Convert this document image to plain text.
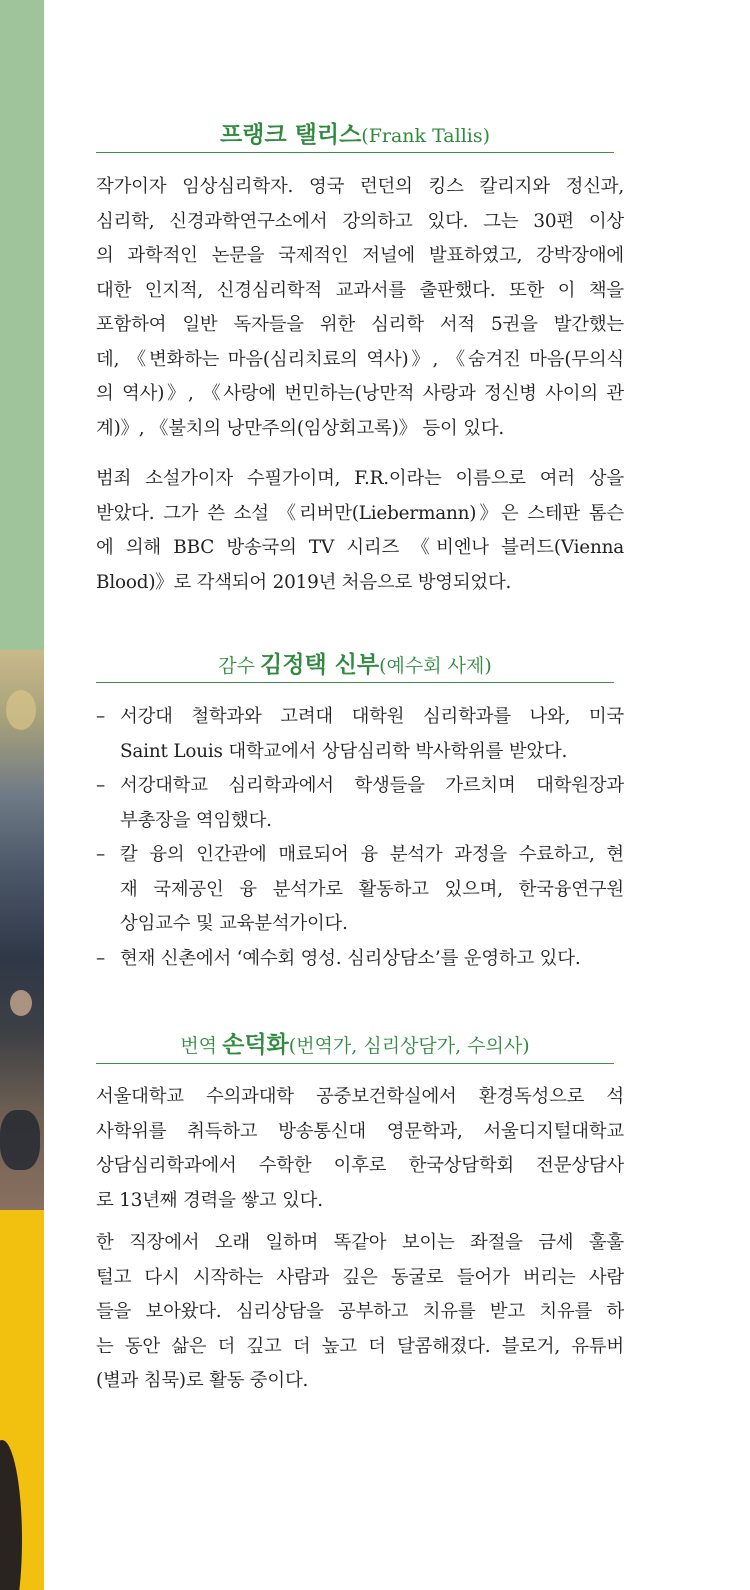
프랭크 탤리스(Frank Tallis)
작가이자 임상심리학자. 영국 런던의 킹스 칼리지와 정신과,
심리학, 신경과학연구소에서 강의하고 있다. 그는 30편 이상
의 과학적인 논문을 국제적인 저널에 발표하였고, 강박장애에
대한 인지적, 신경심리학적 교과서를 출판했다. 또한 이 책을
포함하여 일반 독자들을 위한 심리학 서적 5권을 발간했는
데, 《변화하는 마음(심리치료의 역사)》, 《숨겨진 마음(무의식
의 역사)》, 《사랑에 번민하는(낭만적 사랑과 정신병 사이의 관
계)》, 《불치의 낭만주의(임상회고록)》 등이 있다.
범죄 소설가이자 수필가이며, F.R.이라는 이름으로 여러 상을
받았다. 그가 쓴 소설 《리버만(Liebermann)》은 스테판 톰슨
에 의해 BBC 방송국의 TV 시리즈 《비엔나 블러드(Vienna
Blood)》로 각색되어 2019년 처음으로 방영되었다.
감수 김정택 신부(예수회 사제)
– 서강대 철학과와 고려대 대학원 심리학과를 나와, 미국
Saint Louis 대학교에서 상담심리학 박사학위를 받았다.
– 서강대학교 심리학과에서 학생들을 가르치며 대학원장과
부총장을 역임했다.
– 칼 융의 인간관에 매료되어 융 분석가 과정을 수료하고, 현
재 국제공인 융 분석가로 활동하고 있으며, 한국융연구원
상임교수 및 교육분석가이다.
– 현재 신촌에서 ‘예수회 영성. 심리상담소’를 운영하고 있다.
번역 손덕화(번역가, 심리상담가, 수의사)
서울대학교 수의과대학 공중보건학실에서 환경독성으로 석
사학위를 취득하고 방송통신대 영문학과, 서울디지털대학교
상담심리학과에서 수학한 이후로 한국상담학회 전문상담사
로 13년째 경력을 쌓고 있다.
한 직장에서 오래 일하며 똑같아 보이는 좌절을 금세 훌훌
털고 다시 시작하는 사람과 깊은 동굴로 들어가 버리는 사람
들을 보아왔다. 심리상담을 공부하고 치유를 받고 치유를 하
는 동안 삶은 더 깊고 더 높고 더 달콤해졌다. 블로거, 유튜버
(별과 침묵)로 활동 중이다.
